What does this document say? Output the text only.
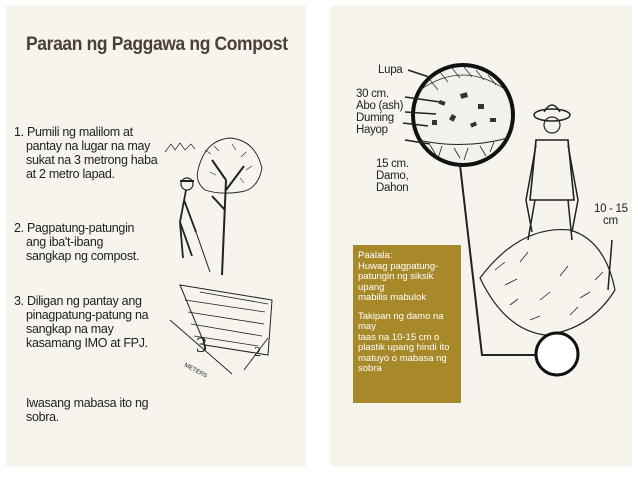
Paraan ng Paggawa ng Compost
1. Pumili ng malilom at
pantay na lugar na may
sukat na 3 metrong haba
at 2 metro lapad.
2. Pagpatung-patungin
ang iba't-ibang
sangkap ng compost.
3. Diligan ng pantay ang
pinagpatung-patung na
sangkap na may
kasamang IMO at FPJ.
Iwasang mabasa ito ng
sobra.
3
METERS
2
Lupa
30 cm.
Abo (ash)
Duming
Hayop
15 cm.
Damo,
Dahon
10 - 15
cm

Paalala:
Huwag pagpatung-
patungin ng siksik upang
mabilis mabulok

Takipan ng damo na may
taas na 10-15 cm o
plastik upang hindi ito
matuyo o mabasa ng
sobra
